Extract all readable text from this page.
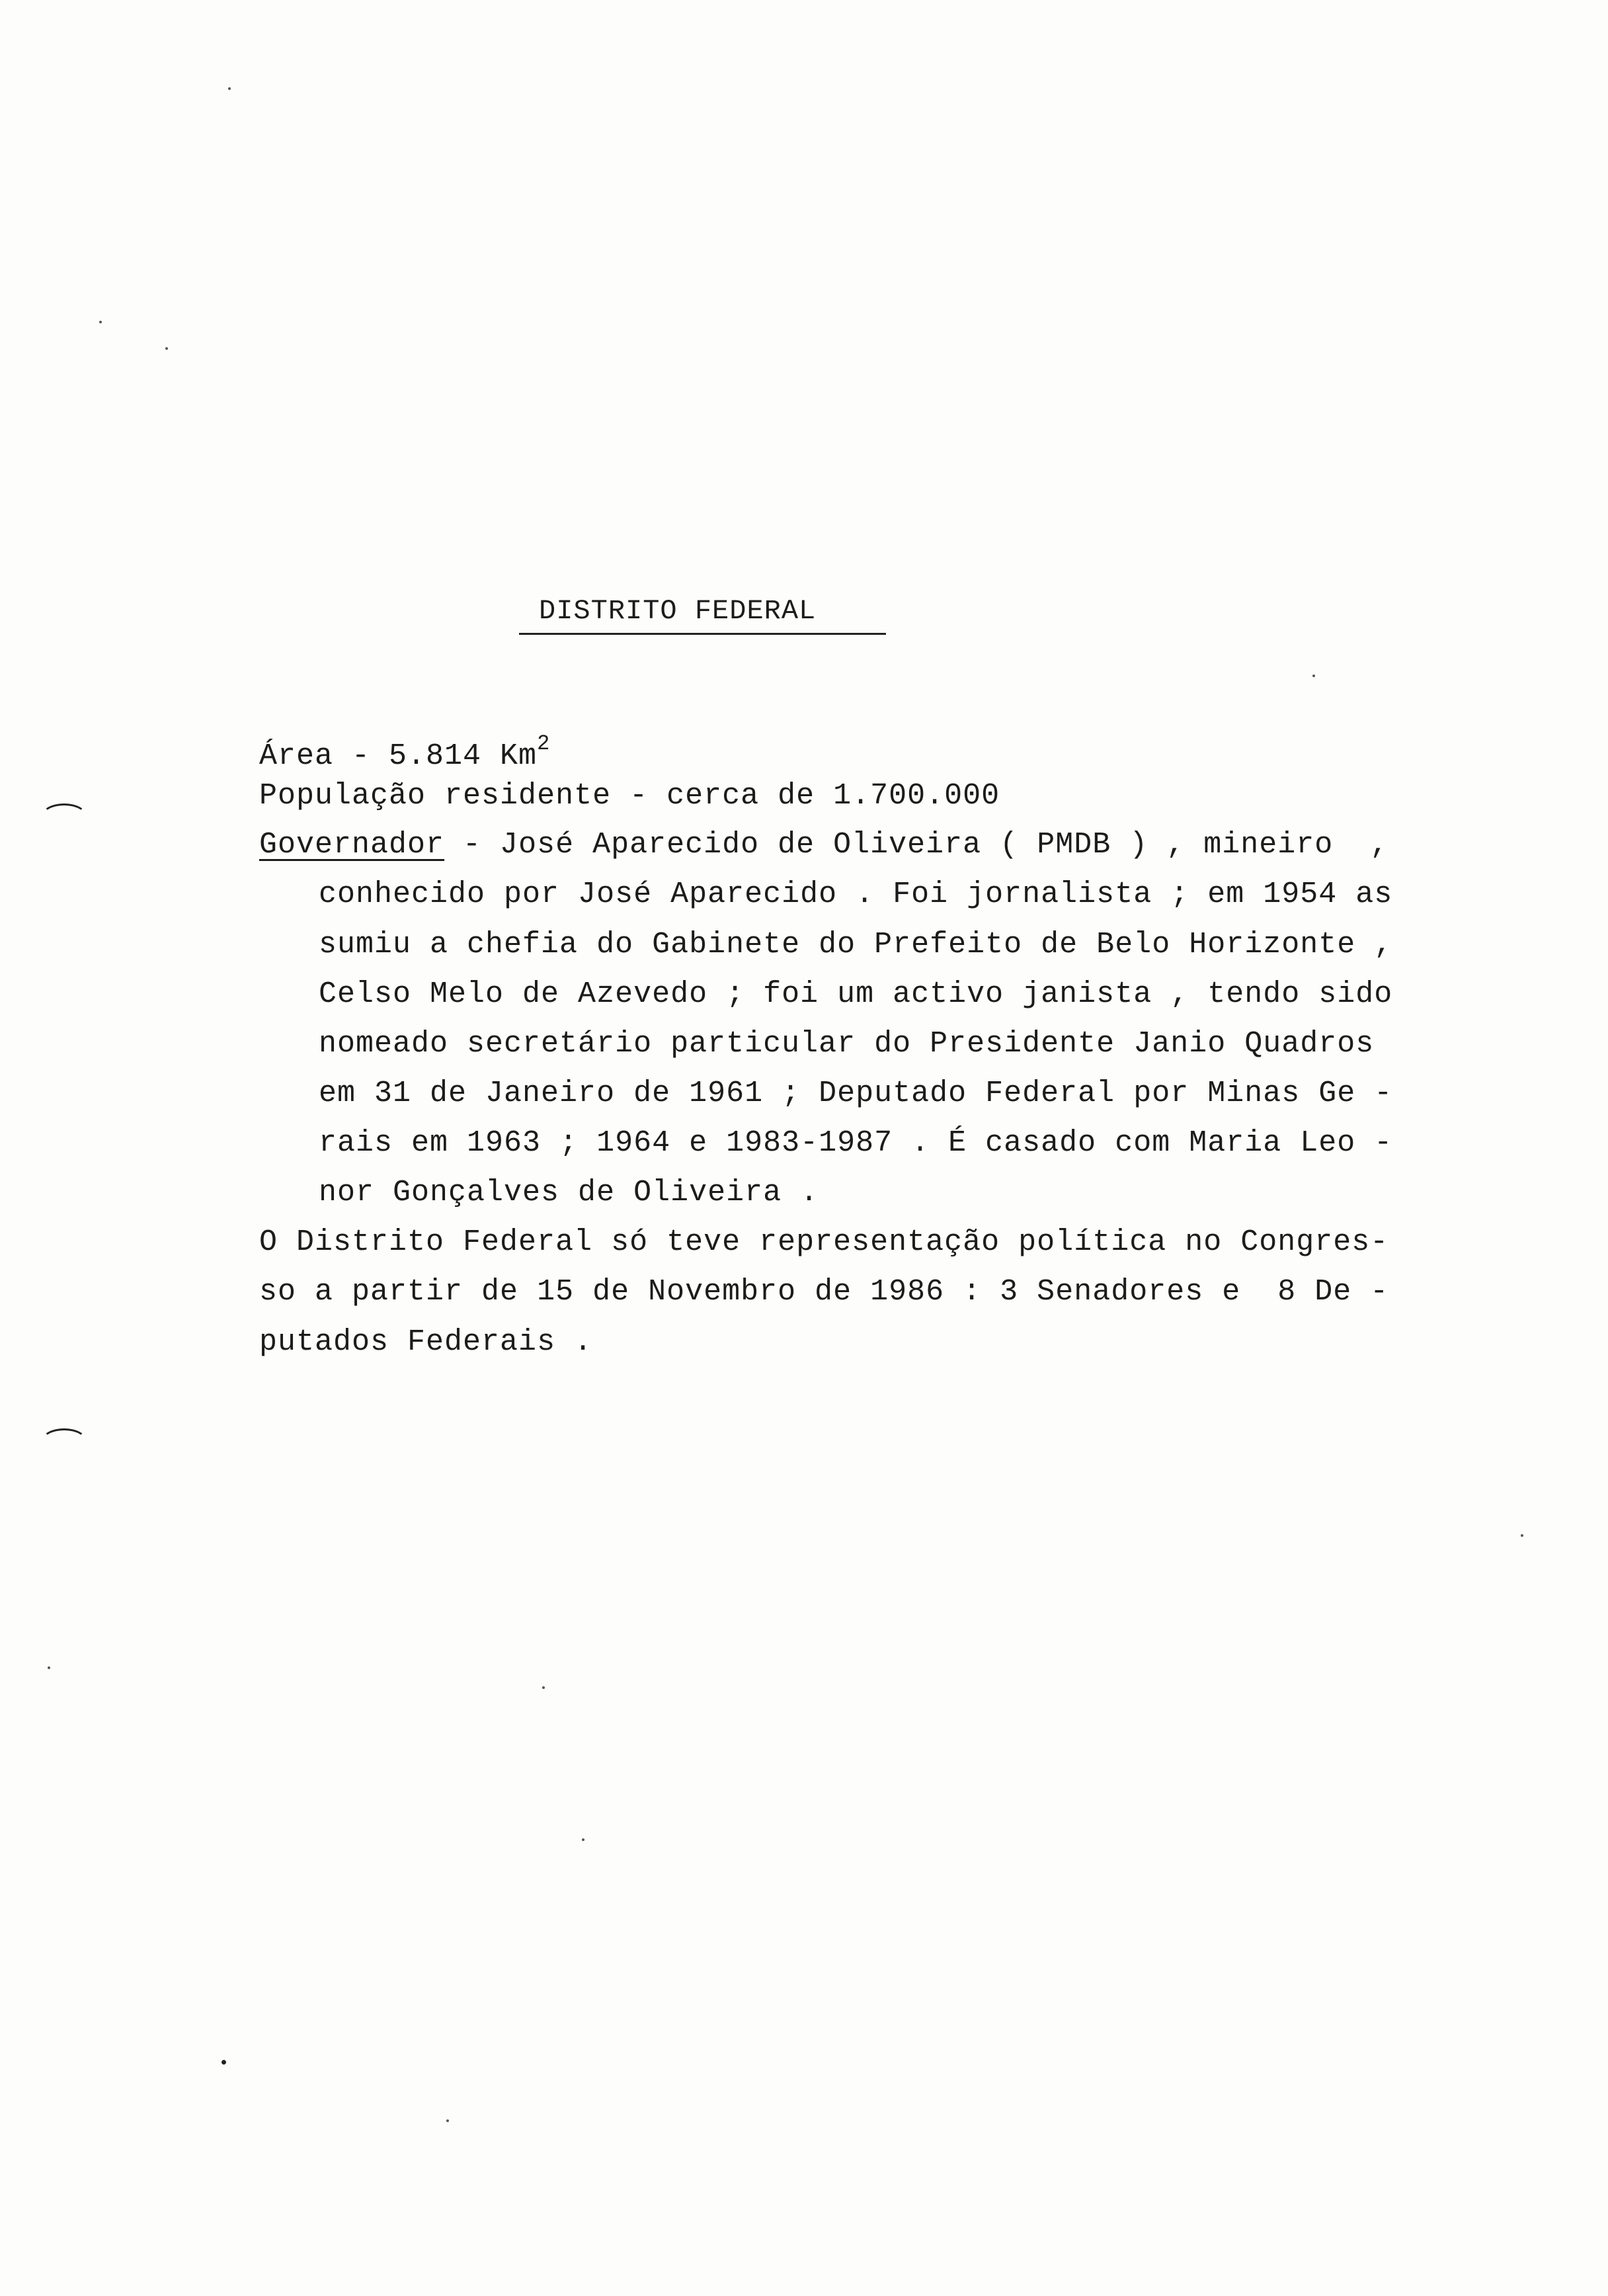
DISTRITO FEDERAL
Área - 5.814 Km$^2$
População residente - cerca de 1.700.000
Governador - José Aparecido de Oliveira ( PMDB ) , mineiro  ,
conhecido por José Aparecido . Foi jornalista ; em 1954 as
sumiu a chefia do Gabinete do Prefeito de Belo Horizonte ,
Celso Melo de Azevedo ; foi um activo janista , tendo sido
nomeado secretário particular do Presidente Janio Quadros
em 31 de Janeiro de 1961 ; Deputado Federal por Minas Ge -
rais em 1963 ; 1964 e 1983-1987 . É casado com Maria Leo -
nor Gonçalves de Oliveira .
O Distrito Federal só teve representação política no Congres-
so a partir de 15 de Novembro de 1986 : 3 Senadores e  8 De -
putados Federais .
